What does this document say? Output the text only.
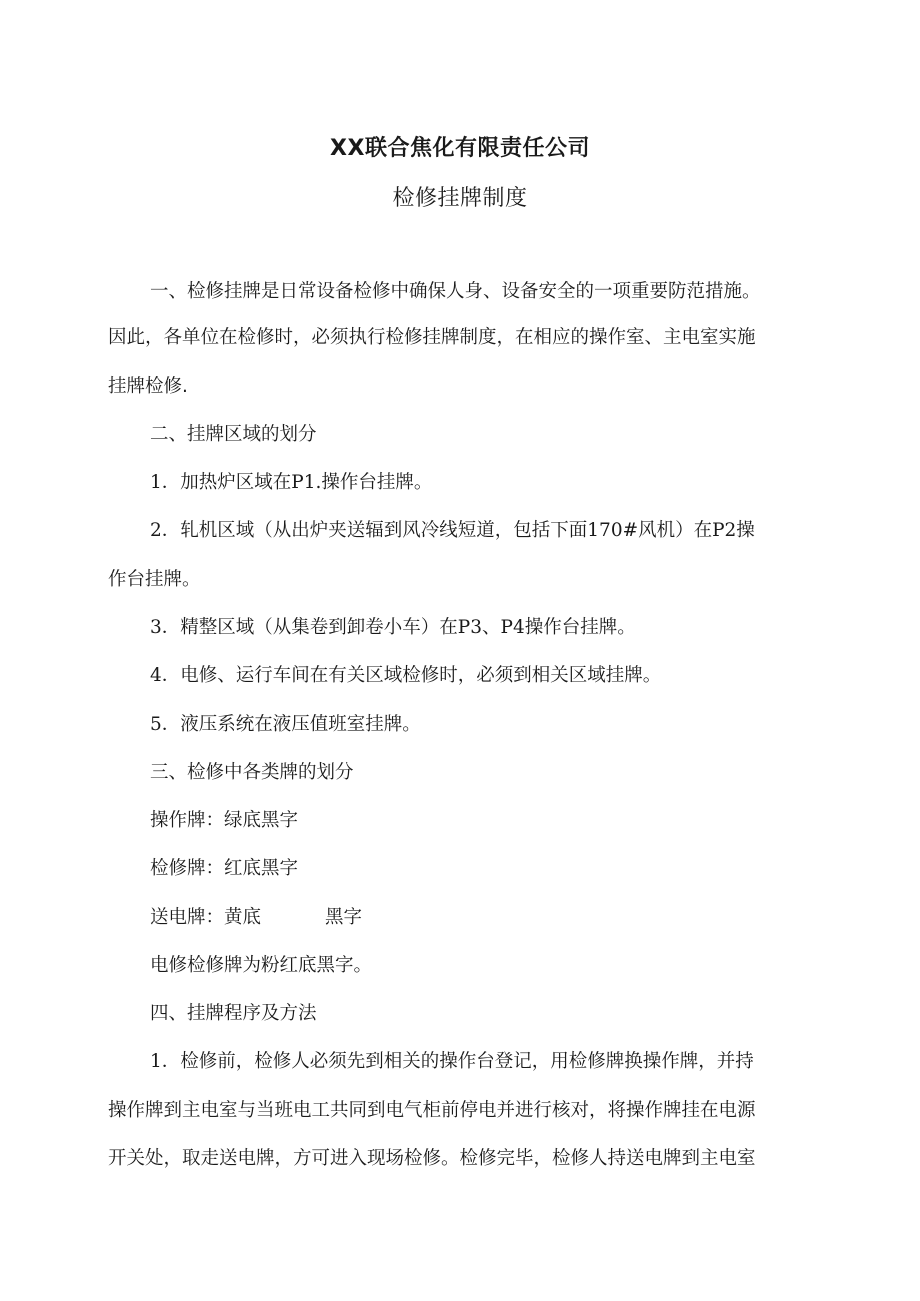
XX联合焦化有限责任公司
检修挂牌制度
一、检修挂牌是日常设备检修中确保人身、设备安全的一项重要防范措施。
因此，各单位在检修时，必须执行检修挂牌制度，在相应的操作室、主电室实施
挂牌检修.
二、挂牌区域的划分
1．加热炉区域在P1.操作台挂牌。
2．轧机区域（从出炉夹送辐到风冷线短道，包括下面170#风机）在P2操
作台挂牌。
3．精整区域（从集卷到卸卷小车）在P3、P4操作台挂牌。
4．电修、运行车间在有关区域检修时，必须到相关区域挂牌。
5．液压系统在液压值班室挂牌。
三、检修中各类牌的划分
操作牌：绿底黑字
检修牌：红底黑字
送电牌：黄底	黑字
电修检修牌为粉红底黑字。
四、挂牌程序及方法
1．检修前，检修人必须先到相关的操作台登记，用检修牌换操作牌，并持
操作牌到主电室与当班电工共同到电气柜前停电并进行核对，将操作牌挂在电源
开关处，取走送电牌，方可进入现场检修。检修完毕，检修人持送电牌到主电室
